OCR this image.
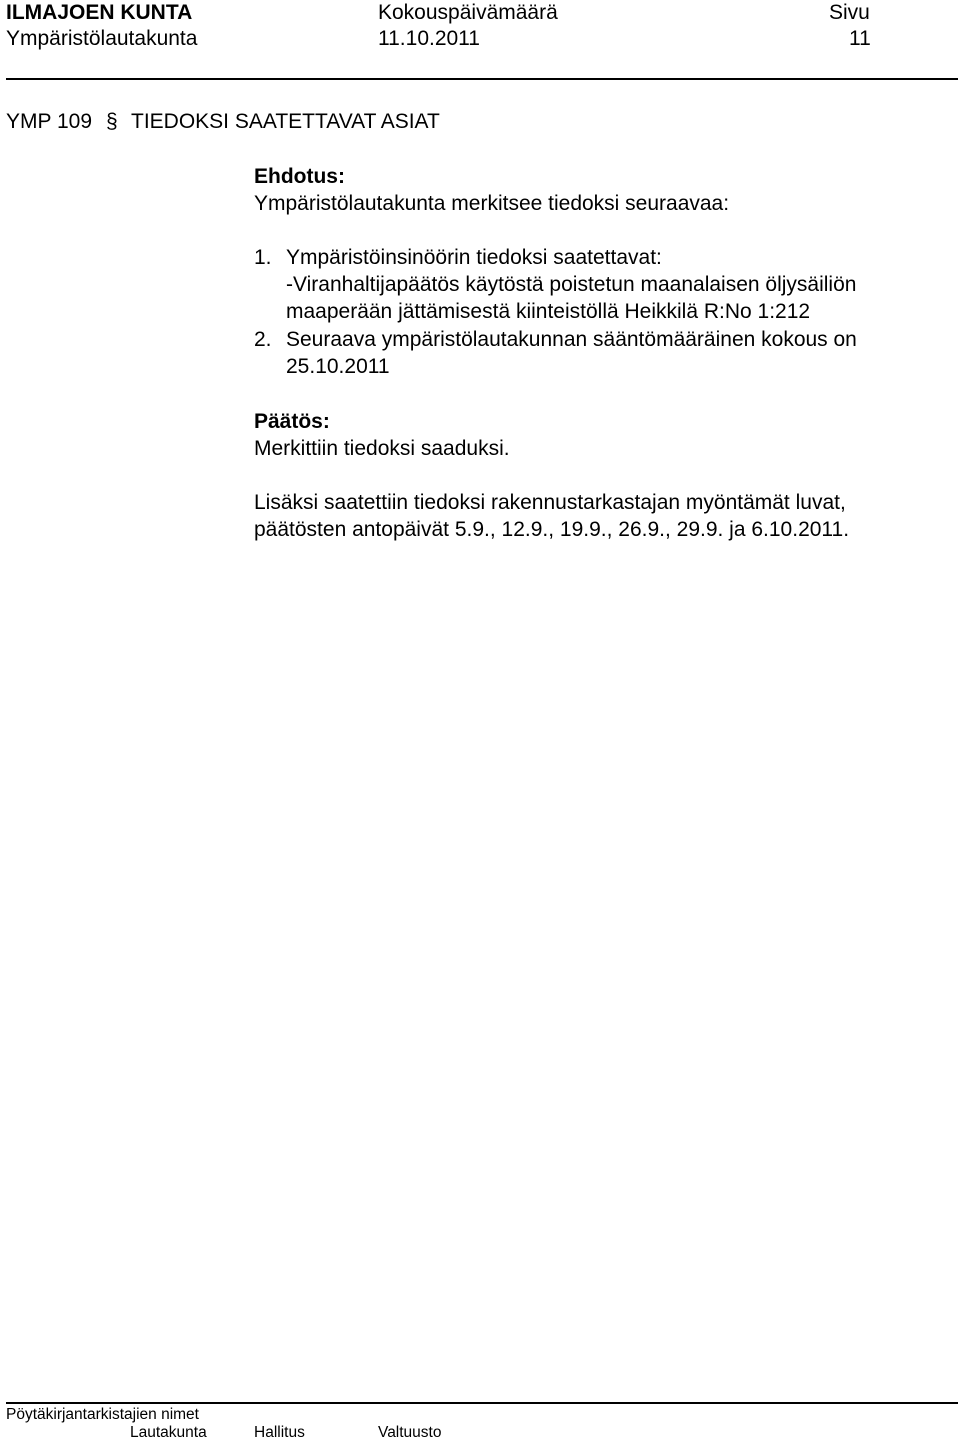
ILMAJOEN KUNTA
Ympäristölautakunta
Kokouspäivämäärä
11.10.2011
Sivu
11
YMP 109 § TIEDOKSI SAATETTAVAT ASIAT
Ehdotus:
Ympäristölautakunta merkitsee tiedoksi seuraavaa:
1. Ympäristöinsinöörin tiedoksi saatettavat:
-Viranhaltijapäätös käytöstä poistetun maanalaisen öljysäiliön
maaperään jättämisestä kiinteistöllä Heikkilä R:No 1:212
2. Seuraava ympäristölautakunnan sääntömääräinen kokous on
25.10.2011
Päätös:
Merkittiin tiedoksi saaduksi.
Lisäksi saatettiin tiedoksi rakennustarkastajan myöntämät luvat,
päätösten antopäivät 5.9., 12.9., 19.9., 26.9., 29.9. ja 6.10.2011.
Pöytäkirjantarkistajien nimet
Lautakunta	Hallitus	Valtuusto
